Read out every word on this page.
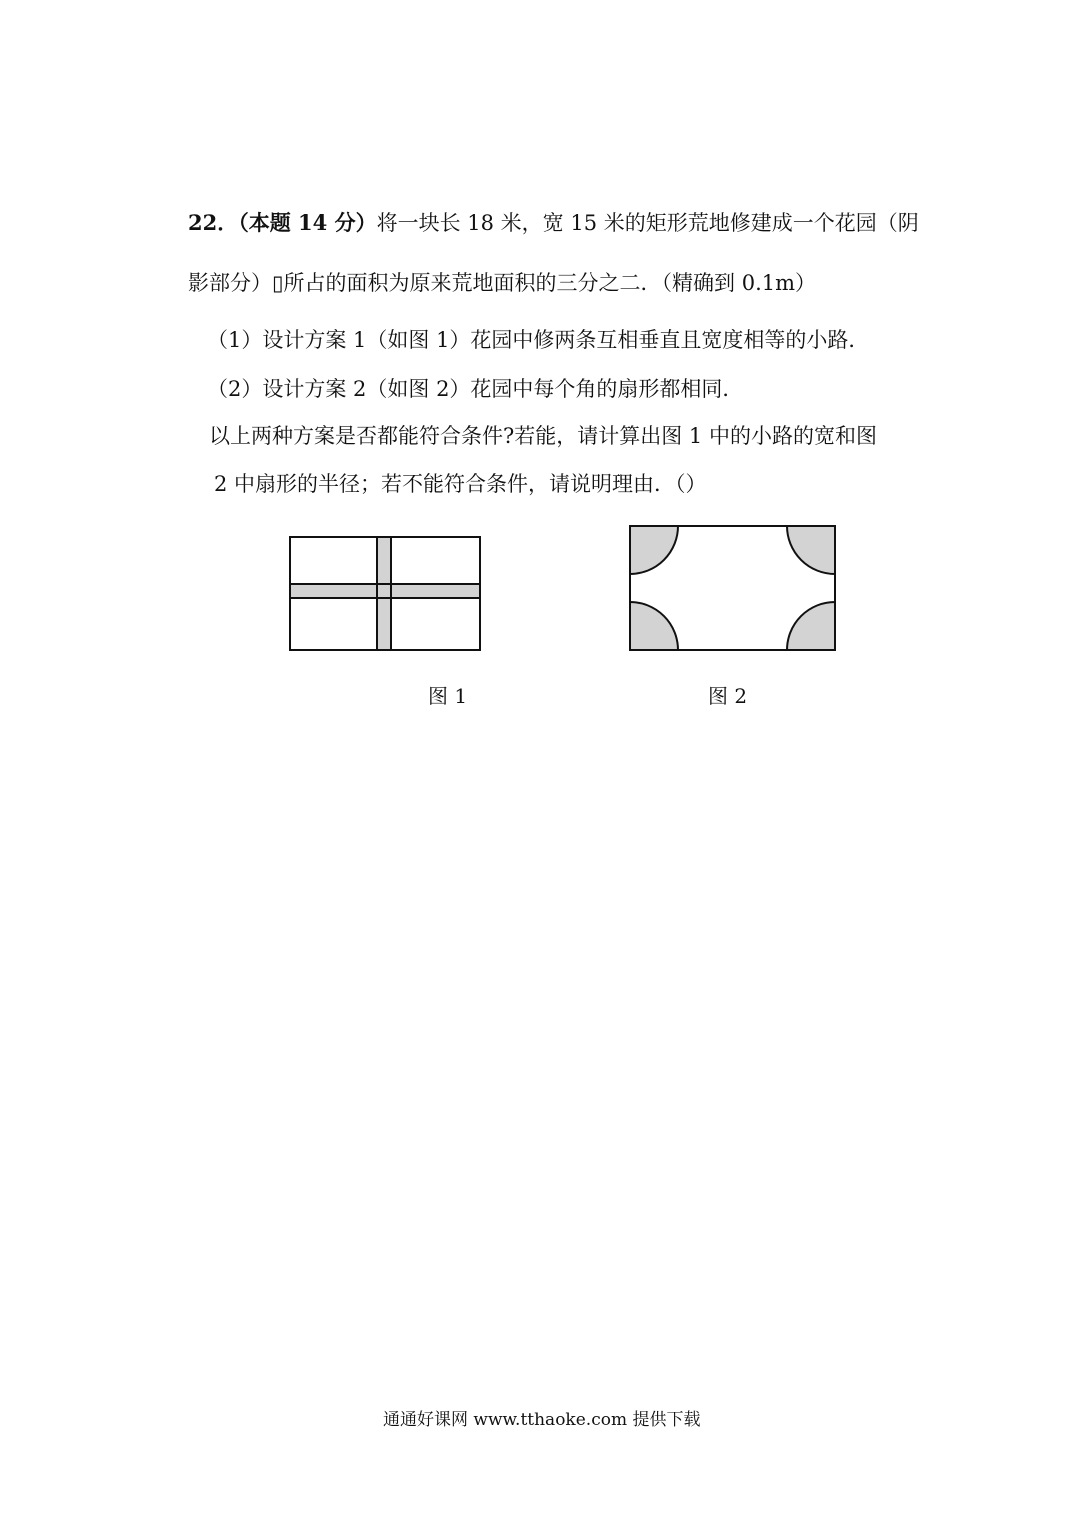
22．（本题 14 分）将一块长 18 米，宽 15 米的矩形荒地修建成一个花园（阴
影部分）▯所占的面积为原来荒地面积的三分之二．（精确到 0.1m）
（1）设计方案 1（如图 1）花园中修两条互相垂直且宽度相等的小路．
（2）设计方案 2（如图 2）花园中每个角的扇形都相同．
以上两种方案是否都能符合条件?若能，请计算出图 1 中的小路的宽和图
2 中扇形的半径；若不能符合条件，请说明理由．（）
图 1	图 2
通通好课网 www.tthaoke.com 提供下载
